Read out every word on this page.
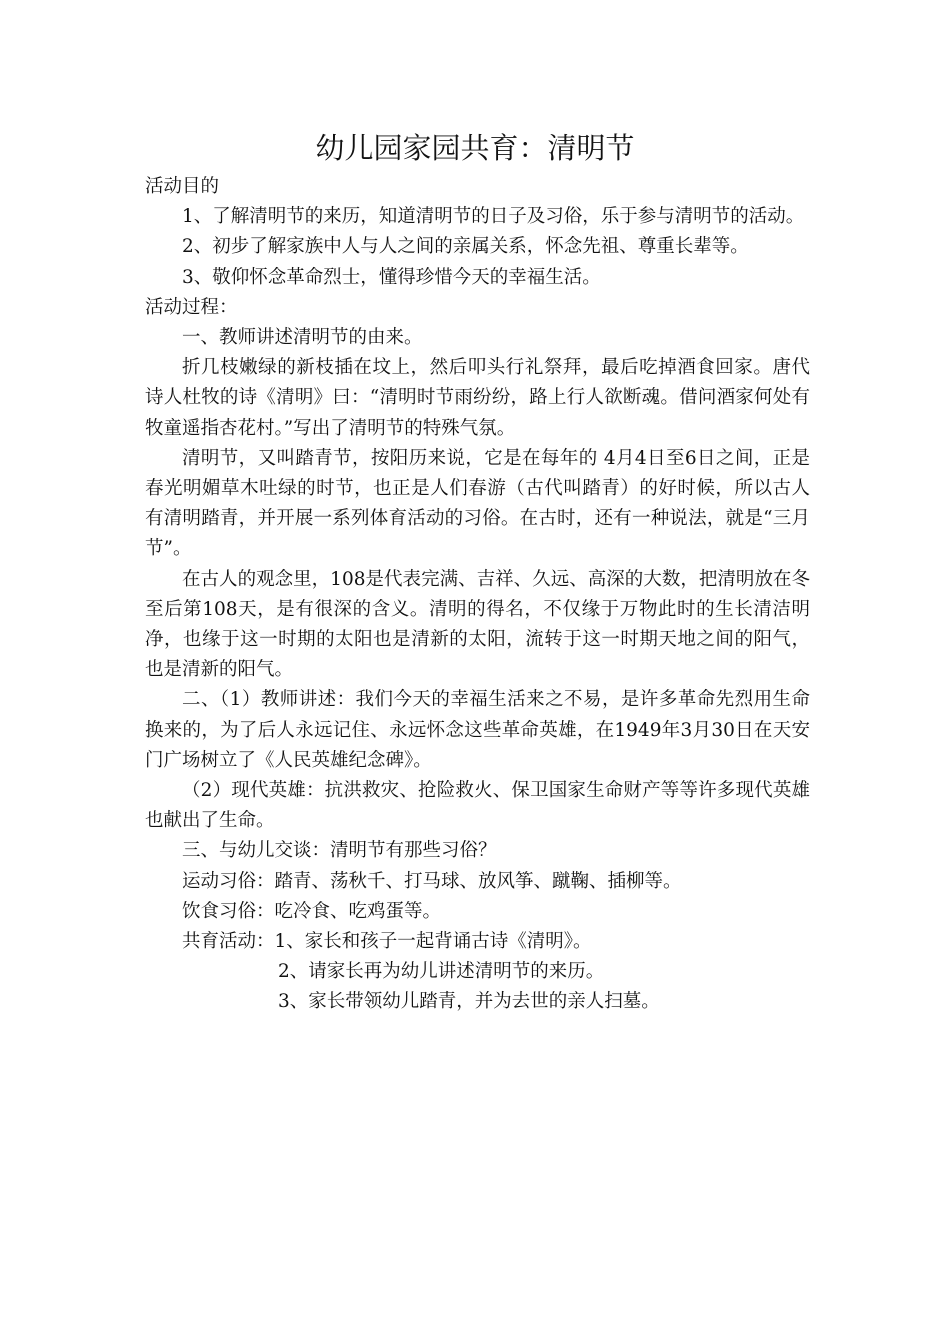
幼儿园家园共育：清明节

活动目的

1、了解清明节的来历，知道清明节的日子及习俗，乐于参与清明节的活动。

2、初步了解家族中人与人之间的亲属关系，怀念先祖、尊重长辈等。

3、敬仰怀念革命烈士，懂得珍惜今天的幸福生活。

活动过程：

一、教师讲述清明节的由来。

折几枝嫩绿的新枝插在坟上，然后叩头行礼祭拜，最后吃掉酒食回家。唐代诗人杜牧的诗《清明》曰：“清明时节雨纷纷，路上行人欲断魂。借问酒家何处有牧童遥指杏花村。”写出了清明节的特殊气氛。

清明节，又叫踏青节，按阳历来说，它是在每年的 4月4日至6日之间，正是春光明媚草木吐绿的时节，也正是人们春游（古代叫踏青）的好时候，所以古人有清明踏青，并开展一系列体育活动的习俗。在古时，还有一种说法，就是“三月节”。

在古人的观念里，108是代表完满、吉祥、久远、高深的大数，把清明放在冬至后第108天，是有很深的含义。清明的得名，不仅缘于万物此时的生长清洁明净，也缘于这一时期的太阳也是清新的太阳，流转于这一时期天地之间的阳气，也是清新的阳气。

二、（1）教师讲述：我们今天的幸福生活来之不易，是许多革命先烈用生命换来的，为了后人永远记住、永远怀念这些革命英雄，在1949年3月30日在天安门广场树立了《人民英雄纪念碑》。

（2）现代英雄：抗洪救灾、抢险救火、保卫国家生命财产等等许多现代英雄也献出了生命。

三、与幼儿交谈：清明节有那些习俗？

运动习俗：踏青、荡秋千、打马球、放风筝、蹴鞠、插柳等。

饮食习俗：吃冷食、吃鸡蛋等。

共育活动：1、家长和孩子一起背诵古诗《清明》。

2、请家长再为幼儿讲述清明节的来历。

3、家长带领幼儿踏青，并为去世的亲人扫墓。
